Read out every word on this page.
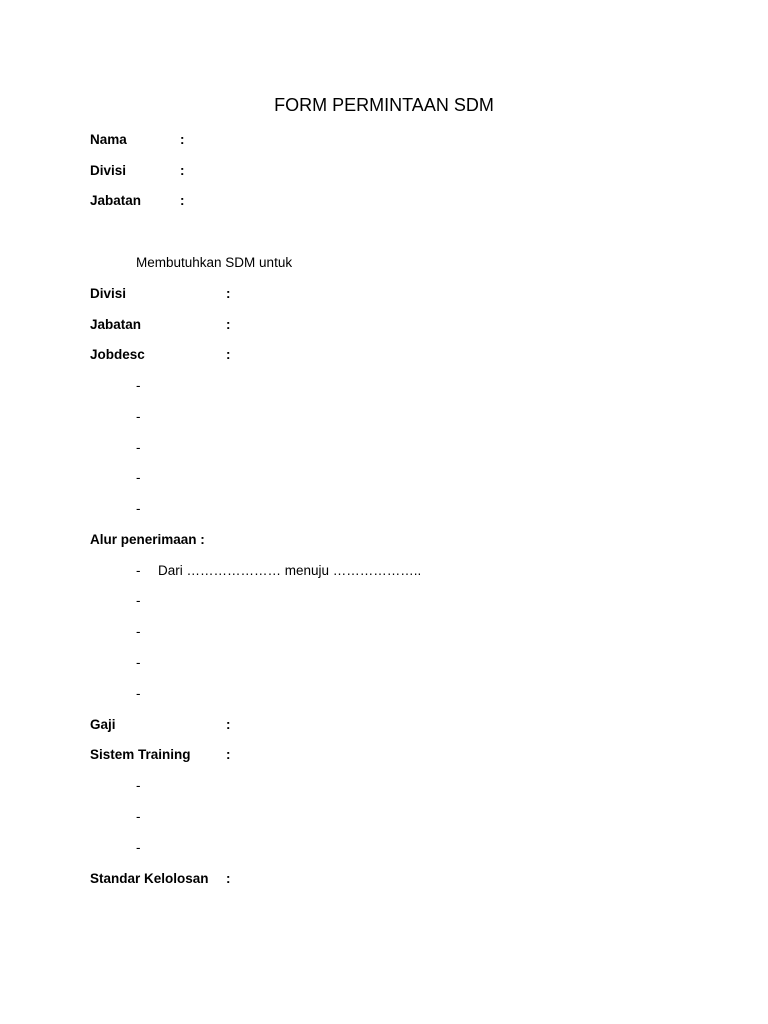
FORM PERMINTAAN SDM
Nama	:
Divisi	:
Jabatan	:
Membutuhkan SDM untuk
Divisi	:
Jabatan	:
Jobdesc	:
-
-
-
-
-
Alur penerimaan :
- Dari ………………… menuju ………………..
-
-
-
-
Gaji	:
Sistem Training	:
-
-
-
Standar Kelolosan :
